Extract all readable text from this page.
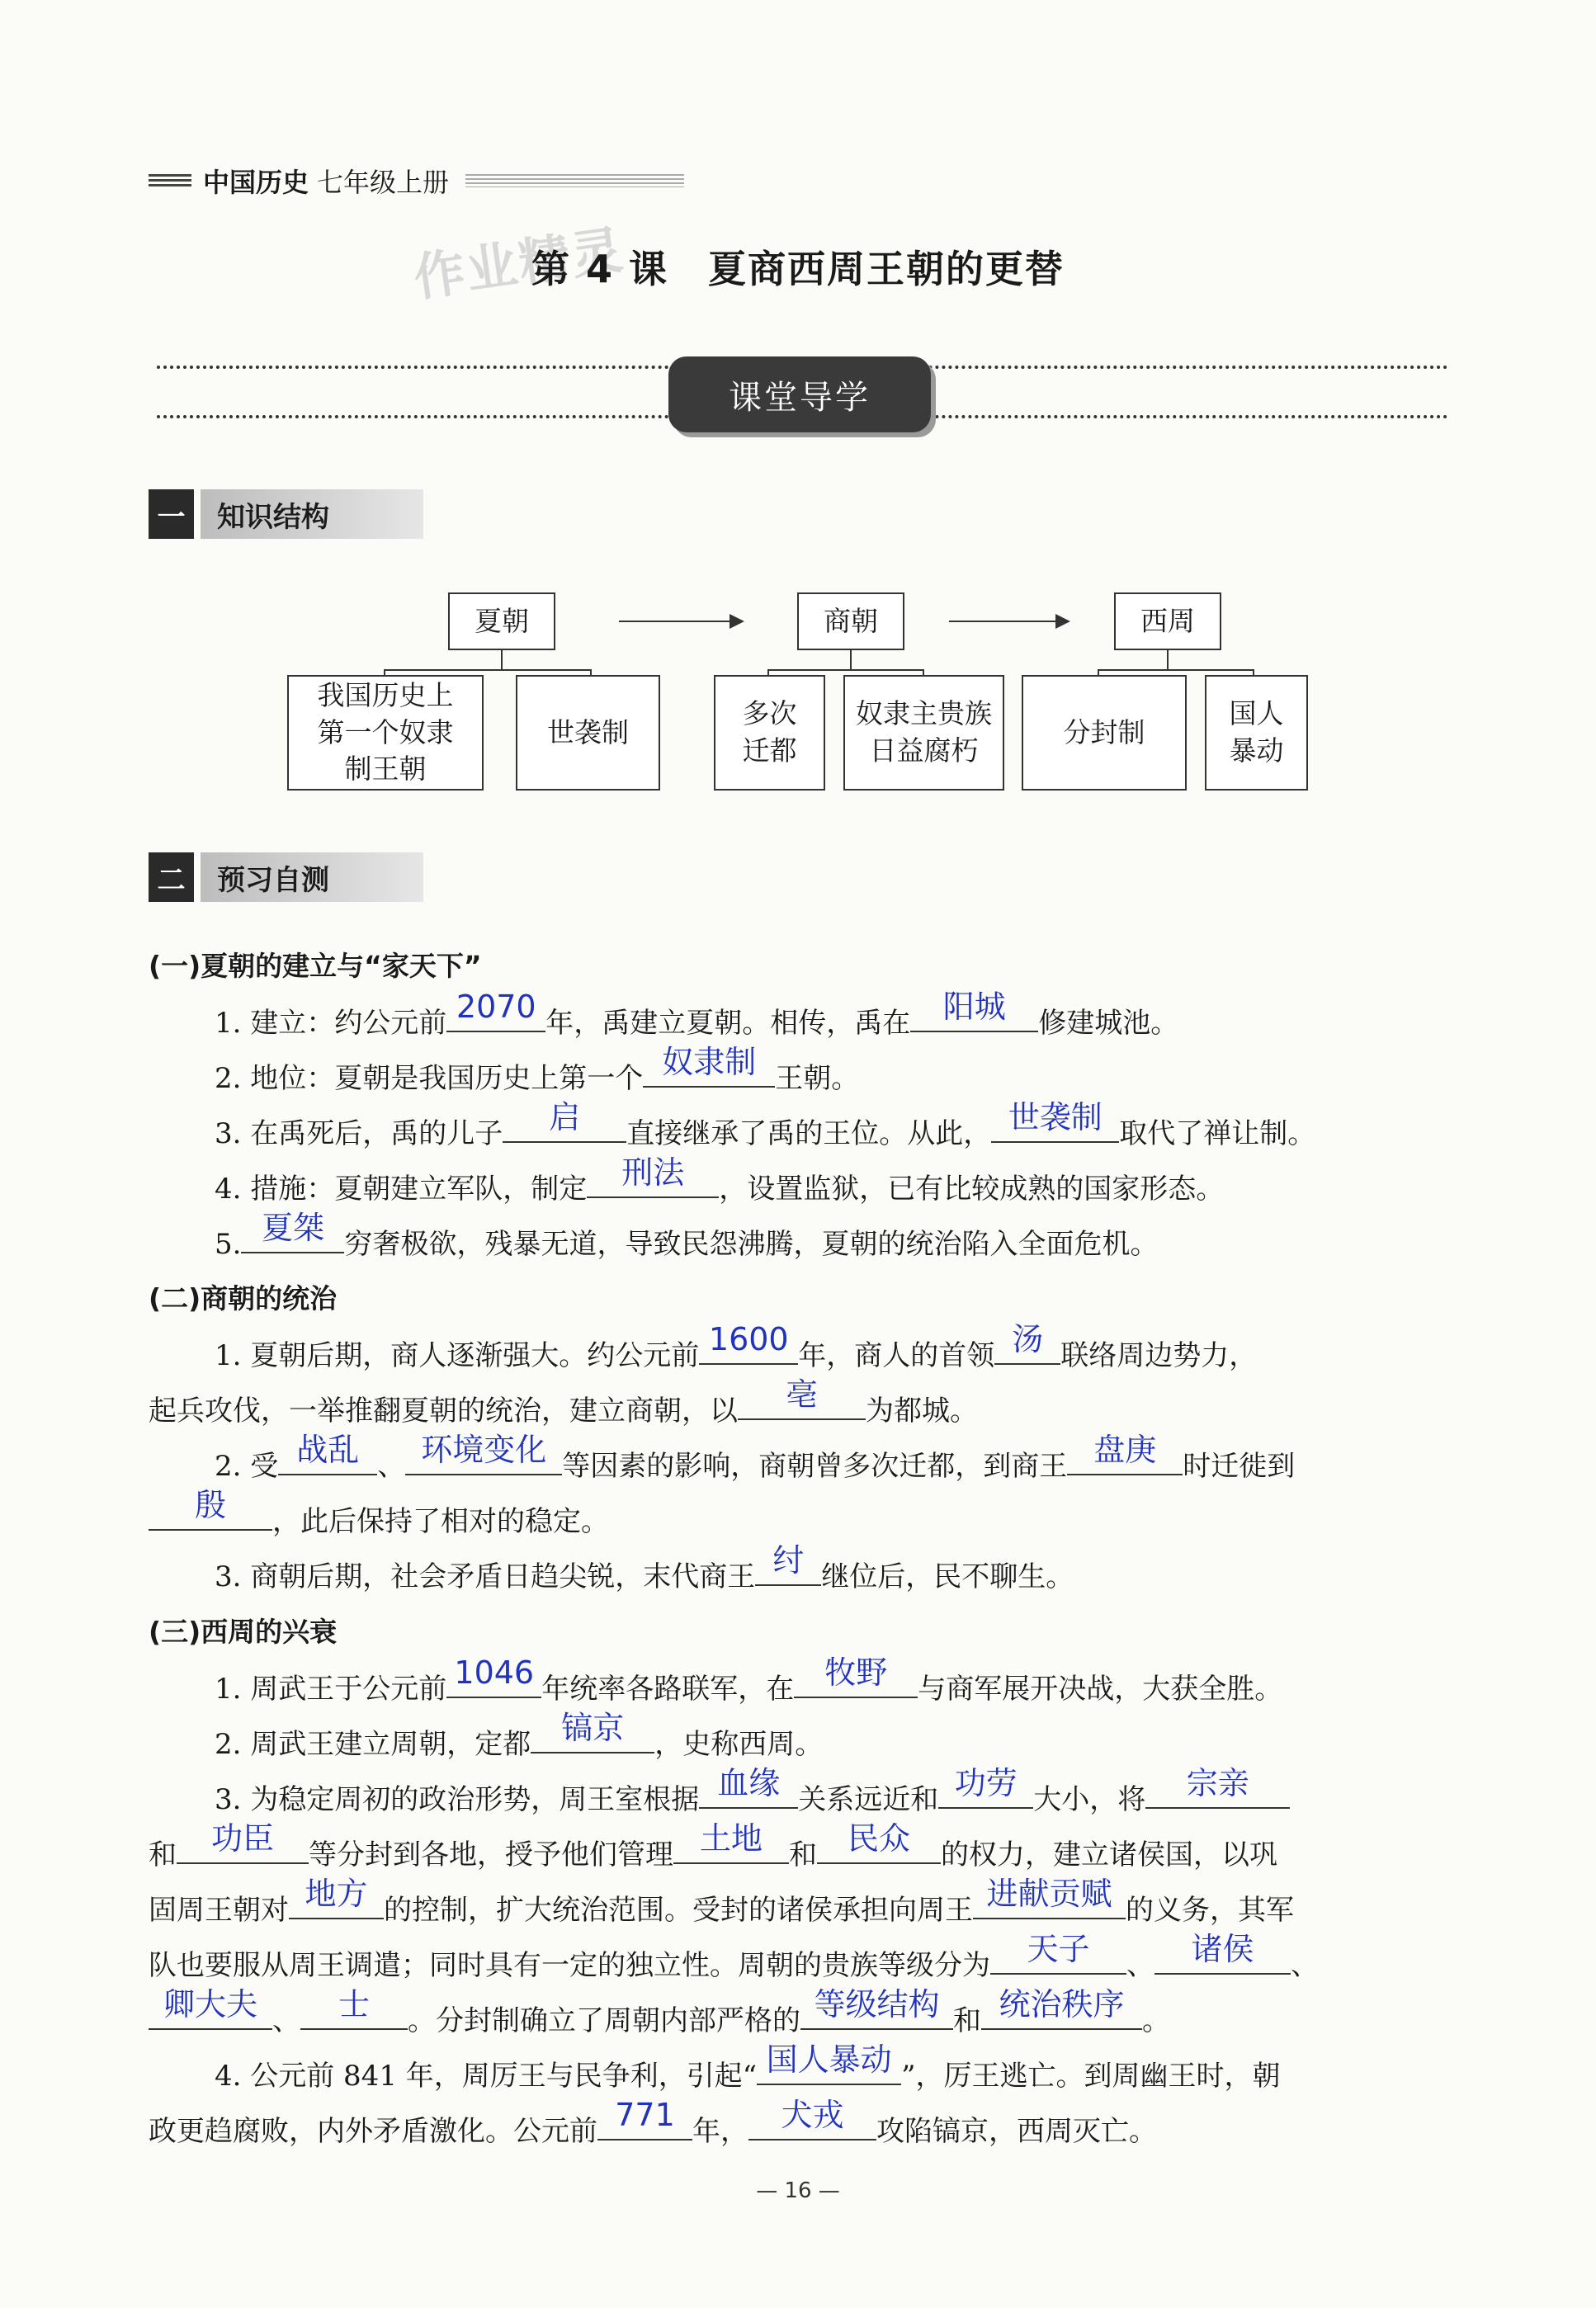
中国历史 七年级上册
作业精灵
第 4 课　夏商西周王朝的更替
课堂导学
一	知识结构
夏朝	商朝	西周
我国历史上第一个奴隶制王朝
世袭制
多次迁都
奴隶主贵族日益腐朽
分封制
国人暴动
二	预习自测
(一)夏朝的建立与“家天下”
1. 建立：约公元前 2070 年，禹建立夏朝。相传，禹在	阳城	修建城池。
2. 地位：夏朝是我国历史上第一个 奴隶制 王朝。
3. 在禹死后，禹的儿子	启	直接继承了禹的王位。从此， 世袭制 取代了禅让制。
4. 措施：夏朝建立军队，制定	刑法	，设置监狱，已有比较成熟的国家形态。
5. 夏桀 穷奢极欲，残暴无道，导致民怨沸腾，夏朝的统治陷入全面危机。
(二)商朝的统治
1. 夏朝后期，商人逐渐强大。约公元前 1600 年，商人的首领 汤 联络周边势力，
起兵攻伐，一举推翻夏朝的统治，建立商朝，以	亳	为都城。
2. 受 战乱 、 环境变化 等因素的影响，商朝曾多次迁都，到商王 盘庚 时迁徙到
殷	，此后保持了相对的稳定。
3. 商朝后期，社会矛盾日趋尖锐，末代商王 纣 继位后，民不聊生。
(三)西周的兴衰
1. 周武王于公元前 1046 年统率各路联军，在 牧野	与商军展开决战，大获全胜。
2. 周武王建立周朝，定都 镐京	，史称西周。
3. 为稳定周初的政治形势，周王室根据 血缘 关系远近和 功劳 大小，将	宗亲
和	功臣	等分封到各地，授予他们管理 土地 和 民众	的权力，建立诸侯国，以巩
固周王朝对 地方 的控制，扩大统治范围。受封的诸侯承担向周王 进献贡赋 的义务，其军
队也要服从周王调遣；同时具有一定的独立性。周朝的贵族等级分为	天子	、	诸侯	、
卿大夫 、	士	。分封制确立了周朝内部严格的 等级结构 和 统治秩序 。
4. 公元前 841 年，周厉王与民争利，引起“ 国人暴动 ”，厉王逃亡。到周幽王时，朝
政更趋腐败，内外矛盾激化。公元前 771 年，	犬戎	攻陷镐京，西周灭亡。
— 16 —
